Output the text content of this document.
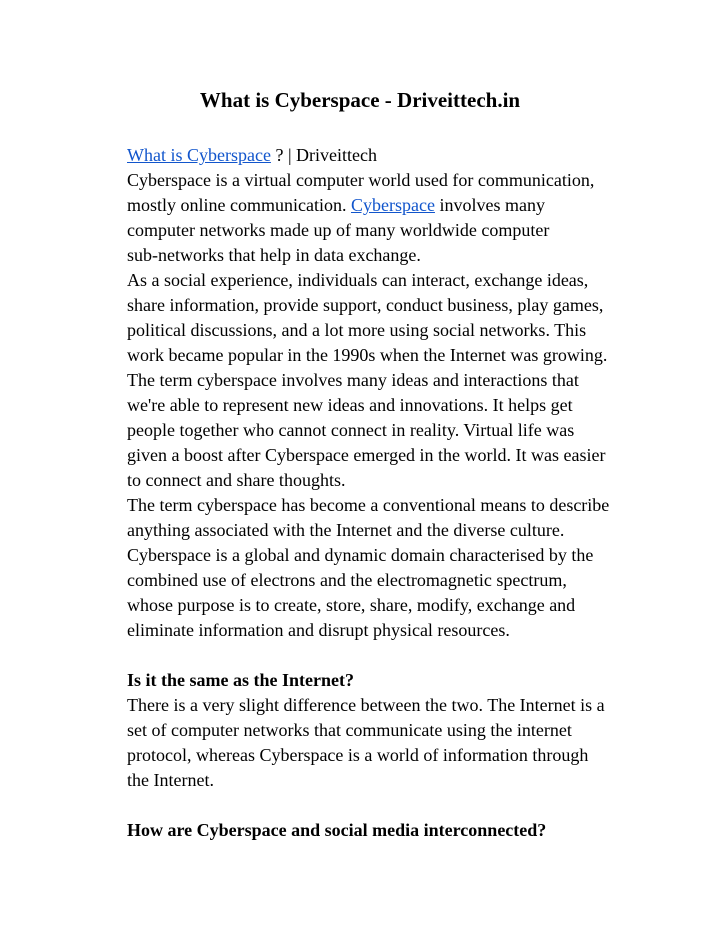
What is Cyberspace - Driveittech.in

What is Cyberspace ? | Driveittech

Cyberspace is a virtual computer world used for communication,

mostly online communication. Cyberspace involves many

computer networks made up of many worldwide computer

sub-networks that help in data exchange.

As a social experience, individuals can interact, exchange ideas,

share information, provide support, conduct business, play games,

political discussions, and a lot more using social networks. This

work became popular in the 1990s when the Internet was growing.

The term cyberspace involves many ideas and interactions that

we're able to represent new ideas and innovations. It helps get

people together who cannot connect in reality. Virtual life was

given a boost after Cyberspace emerged in the world. It was easier

to connect and share thoughts.

The term cyberspace has become a conventional means to describe

anything associated with the Internet and the diverse culture.

Cyberspace is a global and dynamic domain characterised by the

combined use of electrons and the electromagnetic spectrum,

whose purpose is to create, store, share, modify, exchange and

eliminate information and disrupt physical resources.

Is it the same as the Internet?

There is a very slight difference between the two. The Internet is a

set of computer networks that communicate using the internet

protocol, whereas Cyberspace is a world of information through

the Internet.

How are Cyberspace and social media interconnected?
